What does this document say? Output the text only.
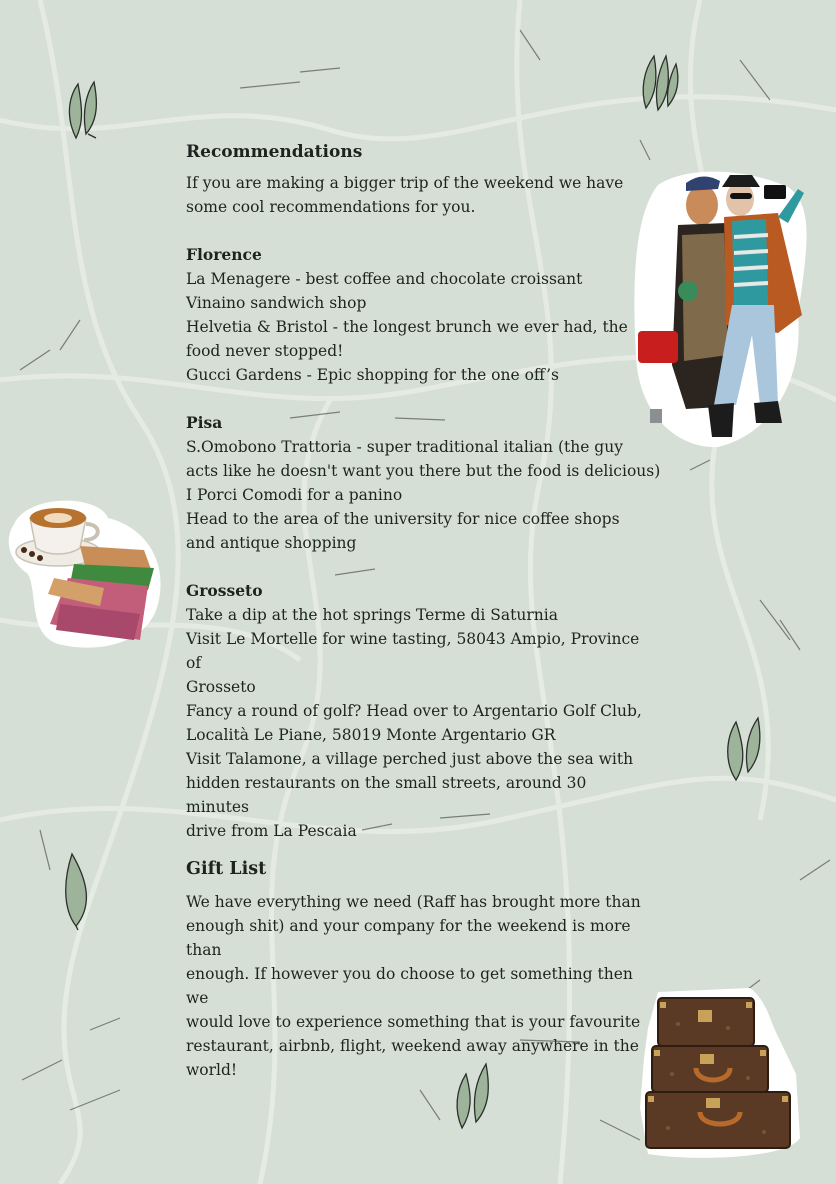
Recommendations

If you are making a bigger trip of the weekend we have

some cool recommendations for you.

Florence

La Menagere - best coffee and chocolate croissant

Vinaino sandwich shop

Helvetia & Bristol - the longest brunch we ever had, the

food never stopped!

Gucci Gardens - Epic shopping for the one off’s

Pisa

S.Omobono Trattoria - super traditional italian (the guy

acts like he doesn't want you there but the food is delicious)

I Porci Comodi for a panino

Head to the area of the university for nice coffee shops

and antique shopping

Grosseto

Take a dip at the hot springs Terme di Saturnia

Visit Le Mortelle for wine tasting, 58043 Ampio, Province of

Grosseto

Fancy a round of golf? Head over to Argentario Golf Club,

Località Le Piane, 58019 Monte Argentario GR

Visit Talamone, a village perched just above the sea with

hidden restaurants on the small streets, around 30 minutes

drive from La Pescaia

Gift List

We have everything we need (Raff has brought more than

enough shit) and your company for the weekend is more than

enough. If however you do choose to get something then we

would love to experience something that is your favourite

restaurant, airbnb, flight, weekend away anywhere in the

world!
